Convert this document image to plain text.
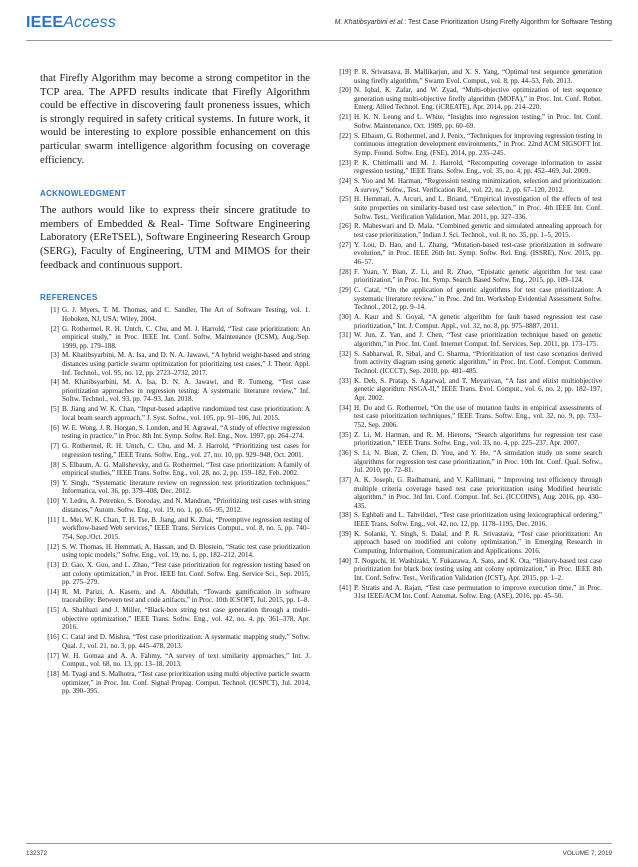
IEEEAccess	M. Khatibsyarbini et al.: Test Case Prioritization Using Firefly Algorithm for Software Testing

that Firefly Algorithm may become a strong competitor in the TCP area. The APFD results indicate that Firefly Algorithm could be effective in discovering fault proneness issues, which is strongly required in safety critical systems. In future work, it would be interesting to explore possible enhancement on this particular swarm intelligence algorithm focusing on coverage efficiency.

ACKNOWLEDGMENT

The authors would like to express their sincere gratitude to members of Embedded & Real- Time Software Engineering Laboratory (EReTSEL), Software Engineering Research Group (SERG), Faculty of Engineering, UTM and MIMOS for their feedback and continuous support.

REFERENCES

[1] G. J. Myers, T. M. Thomas, and C. Sandler, The Art of Software Testing, vol. 1. Hoboken, NJ, USA: Wiley, 2004.

[2] G. Rothermel, R. H. Untch, C. Chu, and M. J. Harrold, “Test case prioritization: An empirical study,” in Proc. IEEE Int. Conf. Softw. Maintenance (ICSM), Aug./Sep. 1999, pp. 179–188.

[3] M. Khatibsyarbini, M. A. Isa, and D. N. A. Jawawi, “A hybrid weight-based and string distances using particle swarm optimization for prioritizing test cases,” J. Theor. Appl. Inf. Technol., vol. 95, no. 12, pp. 2723–2732, 2017.

[4] M. Khatibsyarbini, M. A. Isa, D. N. A. Jawawi, and R. Tumeng, “Test case prioritization approaches in regression testing: A systematic literature review,” Inf. Softw. Technol., vol. 93, pp. 74–93, Jan. 2018.

[5] B. Jiang and W. K. Chan, “Input-based adaptive randomized test case prioritization: A local beam search approach,” J. Syst. Softw., vol. 105, pp. 91–106, Jul. 2015.

[6] W. E. Wong, J. R. Horgan, S. London, and H. Agrawal, “A study of effective regression testing in practice,” in Proc. 8th Int. Symp. Softw. Rel. Eng., Nov. 1997, pp. 264–274.

[7] G. Rothermel, R. H. Untch, C. Chu, and M. J. Harrold, “Prioritizing test cases for regression testing,” IEEE Trans. Softw. Eng., vol. 27, no. 10, pp. 929–948, Oct. 2001.

[8] S. Elbaum, A. G. Malishevsky, and G. Rothermel, “Test case prioritization: A family of empirical studies,” IEEE Trans. Softw. Eng., vol. 28, no. 2, pp. 159–182, Feb. 2002.

[9] Y. Singh, “Systematic literature review on regression test prioritization techniques,” Informatica, vol. 36, pp. 379–408, Dec. 2012.

[10] Y. Ledru, A. Petrenko, S. Boroday, and N. Mandran, “Prioritizing test cases with string distances,” Autom. Softw. Eng., vol. 19, no. 1, pp. 65–95, 2012.

[11] L. Mei, W. K. Chan, T. H. Tse, B. Jiang, and K. Zhai, “Preemptive regression testing of workflow-based Web services,” IEEE Trans. Services Comput., vol. 8, no. 5, pp. 740–754, Sep./Oct. 2015.

[12] S. W. Thomas, H. Hemmati, A. Hassan, and D. Blostein, “Static test case prioritization using topic models,” Softw. Eng., vol. 19, no. 1, pp. 182–212, 2014.

[13] D. Gao, X. Guo, and L. Zhao, “Test case prioritization for regression testing based on ant colony optimization,” in Proc. IEEE Int. Conf. Softw. Eng. Service Sci., Sep. 2015, pp. 275–279.

[14] R. M. Parizi, A. Kasem, and A. Abdullah, “Towards gamification in software traceability: Between test and code artifacts,” in Proc. 10th ICSOFT, Jul. 2015, pp. 1–8.

[15] A. Shahbazi and J. Miller, “Black-box string test case generation through a multi-objective optimization,” IEEE Trans. Softw. Eng., vol. 42, no. 4, pp. 361–378, Apr. 2016.

[16] C. Catal and D. Mishra, “Test case prioritization: A systematic mapping study,” Softw. Qual. J., vol. 21, no. 3, pp. 445–478, 2013.

[17] W. H. Gomaa and A. A. Fahmy, “A survey of text similarity approaches,” Int. J. Comput., vol. 68, no. 13, pp. 13–18, 2013.

[18] M. Tyagi and S. Malhotra, “Test case prioritization using multi objective particle swarm optimizer,” in Proc. Int. Conf. Signal Propag. Comput. Technol. (ICSPCT), Jul. 2014, pp. 390–395.

[19] P. R. Srivatsava, B. Mallikarjun, and X. S. Yang, “Optimal test sequence generation using firefly algorithm,” Swarm Evol. Comput., vol. 8, pp. 44–53, Feb. 2013.

[20] N. Iqbal, K. Zafar, and W. Zyad, “Multi-objective optimization of test sequence generation using multi-objective firefly algorithm (MOFA),” in Proc. Int. Conf. Robot. Emerg. Allied Technol. Eng. (iCREATE), Apr. 2014, pp. 214–220.

[21] H. K. N. Leung and L. White, “Insights into regression testing,” in Proc. Int. Conf. Softw. Maintenance, Oct. 1989, pp. 60–69.

[22] S. Elbaum, G. Rothermel, and J. Penix, “Techniques for improving regression testing in continuous integration development environments,” in Proc. 22nd ACM SIGSOFT Int. Symp. Found. Softw. Eng. (FSE), 2014, pp. 235–245.

[23] P. K. Chittimalli and M. J. Harrold, “Recomputing coverage information to assist regression testing,” IEEE Trans. Softw. Eng., vol. 35, no. 4, pp. 452–469, Jul. 2009.

[24] S. Yoo and M. Harman, “Regression testing minimization, selection and prioritization: A survey,” Softw., Test. Verification Rel., vol. 22, no. 2, pp. 67–120, 2012.

[25] H. Hemmati, A. Arcuri, and L. Briand, “Empirical investigation of the effects of test suite properties on similarity-based test case selection,” in Proc. 4th IEEE Int. Conf. Softw. Test., Verification Validation, Mar. 2011, pp. 327–336.

[26] R. Maheswari and D. Mala, “Combined genetic and simulated annealing approach for test case prioritization,” Indian J. Sci. Technol., vol. 8, no. 35, pp. 1–5, 2015.

[27] Y. Lou, D. Hao, and L. Zhang, “Mutation-based test-case prioritization in software evolution,” in Proc. IEEE 26th Int. Symp. Softw. Rel. Eng. (ISSRE), Nov. 2015, pp. 46–57.

[28] F. Yuan, Y. Bian, Z. Li, and R. Zhao, “Epistatic genetic algorithm for test case prioritization,” in Proc. Int. Symp. Search Based Softw. Eng., 2015, pp. 109–124.

[29] C. Catal, “On the application of genetic algorithms for test case prioritization: A systematic literature review,” in Proc. 2nd Int. Workshop Evidential Assessment Softw. Technol., 2012, pp. 9–14.

[30] A. Kaur and S. Goyal, “A genetic algorithm for fault based regression test case prioritization,” Int. J. Comput. Appl., vol. 32, no. 8, pp. 975–8887, 2011.

[31] W. Jun, Z. Yan, and J. Chen, “Test case prioritization technique based on genetic algorithm,” in Proc. Int. Conf. Internet Comput. Inf. Services, Sep. 2011, pp. 173–175.

[32] S. Sabharwal, R. Sibal, and C. Sharma, “Prioritization of test case scenarios derived from activity diagram using genetic algorithm,” in Proc. Int. Conf. Comput. Commun. Technol. (ICCCT), Sep. 2010, pp. 481–485.

[33] K. Deb, S. Pratap, S. Agarwal, and T. Meyarivan, “A fast and elitist multiobjective genetic algorithm: NSGA-II,” IEEE Trans. Evol. Comput., vol. 6, no. 2, pp. 182–197, Apr. 2002.

[34] H. Do and G. Rothermel, “On the use of mutation faults in empirical assessments of test case prioritization techniques,” IEEE Trans. Softw. Eng., vol. 32, no. 9, pp. 733–752, Sep. 2006.

[35] Z. Li, M. Harman, and R. M. Hierons, “Search algorithms for regression test case prioritization,” IEEE Trans. Softw. Eng., vol. 33, no. 4, pp. 225–237, Apr. 2007.

[36] S. Li, N. Bian, Z. Chen, D. You, and Y. He, “A simulation study on some search algorithms for regression test case prioritization,” in Proc. 10th Int. Conf. Qual. Softw., Jul. 2010, pp. 72–81.

[37] A. K. Joseph, G. Radhamani, and V. Kallimani, “ Improving test efficiency through multiple criteria coverage based test case prioritization using Modified heuristic algorithm,” in Proc. 3rd Int. Conf. Comput. Inf. Sci. (ICCOINS), Aug. 2016, pp. 430–435.

[38] S. Eghbali and L. Tahvildari, “Test case prioritization using lexicographical ordering,” IEEE Trans. Softw. Eng., vol. 42, no. 12, pp. 1178–1195, Dec. 2016.

[39] K. Solanki, Y. Singh, S. Dalal, and P. R. Srivastava, “Test case prioritization: An approach based on modified ant colony optimization,” in Emerging Research in Computing, Information, Communication and Applications. 2016.

[40] T. Noguchi, H. Washizaki, Y. Fukazawa, A. Sato, and K. Ota, “History-based test case prioritization for black box testing using ant colony optimization,” in Proc. IEEE 8th Int. Conf. Softw. Test., Verification Validation (ICST), Apr. 2015, pp. 1–2.

[41] P. Stratis and A. Rajan, “Test case permutation to improve execution time,” in Proc. 31st IEEE/ACM Int. Conf. Automat. Softw. Eng. (ASE), 2016, pp. 45–50.

132372	VOLUME 7, 2019
